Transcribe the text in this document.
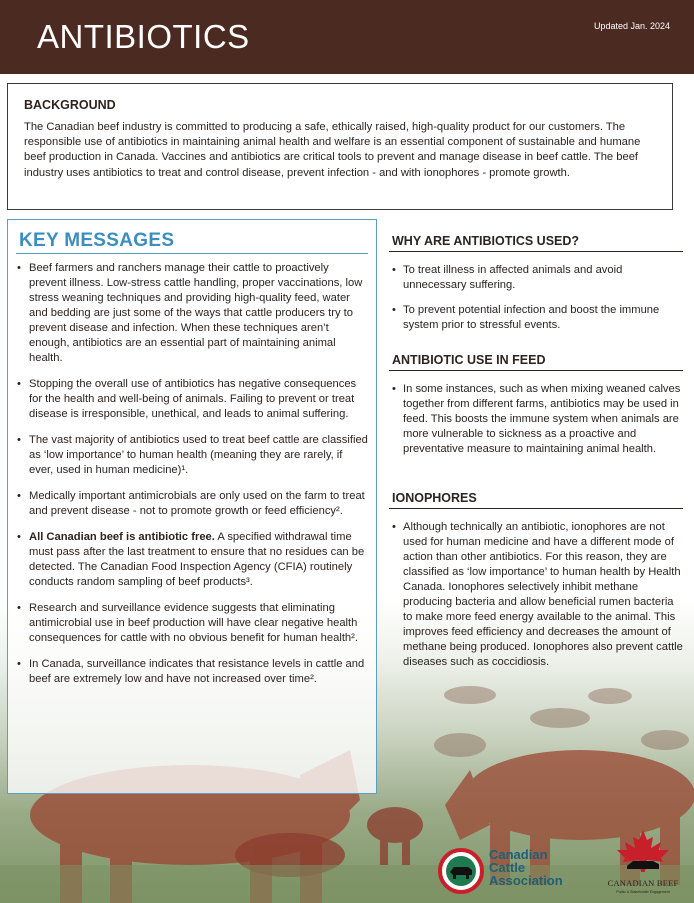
ANTIBIOTICS	Updated Jan. 2024
BACKGROUND

The Canadian beef industry is committed to producing a safe, ethically raised, high-quality product for our customers. The responsible use of antibiotics in maintaining animal health and welfare is an essential component of sustainable and humane beef production in Canada. Vaccines and antibiotics are critical tools to prevent and manage disease in beef cattle. The beef industry uses antibiotics to treat and control disease, prevent infection - and with ionophores - promote growth.

KEY MESSAGES
• Beef farmers and ranchers manage their cattle to proactively prevent illness. Low-stress cattle handling, proper vaccinations, low stress weaning techniques and providing high-quality feed, water and bedding are just some of the ways that cattle producers try to prevent disease and infection. When these techniques aren’t enough, antibiotics are an essential part of maintaining animal health.
• Stopping the overall use of antibiotics has negative consequences for the health and well-being of animals. Failing to prevent or treat disease is irresponsible, unethical, and leads to animal suffering.
• The vast majority of antibiotics used to treat beef cattle are classified as ‘low importance’ to human health (meaning they are rarely, if ever, used in human medicine)¹.
• Medically important antimicrobials are only used on the farm to treat and prevent disease - not to promote growth or feed efficiency².
• All Canadian beef is antibiotic free. A specified withdrawal time must pass after the last treatment to ensure that no residues can be detected. The Canadian Food Inspection Agency (CFIA) routinely conducts random sampling of beef products³.
• Research and surveillance evidence suggests that eliminating antimicrobial use in beef production will have clear negative health consequences for cattle with no obvious benefit for human health².
• In Canada, surveillance indicates that resistance levels in cattle and beef are extremely low and have not increased over time².
WHY ARE ANTIBIOTICS USED?
• To treat illness in affected animals and avoid unnecessary suffering.
• To prevent potential infection and boost the immune system prior to stressful events.
ANTIBIOTIC USE IN FEED
• In some instances, such as when mixing weaned calves together from different farms, antibiotics may be used in feed. This boosts the immune system when animals are more vulnerable to sickness as a proactive and preventative measure to maintaining animal health.
IONOPHORES
• Although technically an antibiotic, ionophores are not used for human medicine and have a different mode of action than other antibiotics. For this reason, they are classified as ‘low importance’ to human health by Health Canada. Ionophores selectively inhibit methane producing bacteria and allow beneficial rumen bacteria to make more feed energy available to the animal. This improves feed efficiency and decreases the amount of methane being produced. Ionophores also prevent cattle diseases such as coccidiosis.
Canadian
Cattle
Association	CANADIAN BEEF
Public & Stakeholder Engagement
